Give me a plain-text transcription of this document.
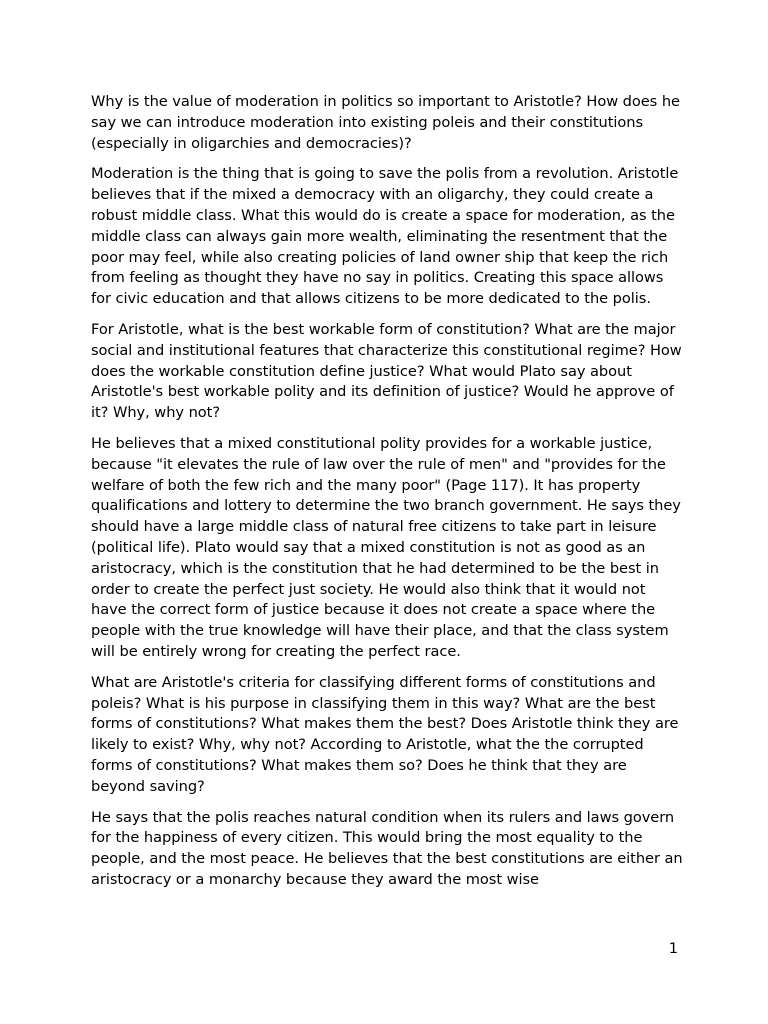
Why is the value of moderation in politics so important to Aristotle? How does he say we can introduce moderation into existing poleis and their constitutions (especially in oligarchies and democracies)?

Moderation is the thing that is going to save the polis from a revolution. Aristotle believes that if the mixed a democracy with an oligarchy, they could create a robust middle class. What this would do is create a space for moderation, as the middle class can always gain more wealth, eliminating the resentment that the poor may feel, while also creating policies of land owner ship that keep the rich from feeling as thought they have no say in politics. Creating this space allows for civic education and that allows citizens to be more dedicated to the polis.

For Aristotle, what is the best workable form of constitution? What are the major social and institutional features that characterize this constitutional regime? How does the workable constitution define justice? What would Plato say about Aristotle's best workable polity and its definition of justice? Would he approve of it? Why, why not?

He believes that a mixed constitutional polity provides for a workable justice, because "it elevates the rule of law over the rule of men" and "provides for the welfare of both the few rich and the many poor" (Page 117). It has property qualifications and lottery to determine the two branch government. He says they should have a large middle class of natural free citizens to take part in leisure (political life). Plato would say that a mixed constitution is not as good as an aristocracy, which is the constitution that he had determined to be the best in order to create the perfect just society. He would also think that it would not have the correct form of justice because it does not create a space where the people with the true knowledge will have their place, and that the class system will be entirely wrong for creating the perfect race.

What are Aristotle's criteria for classifying different forms of constitutions and poleis? What is his purpose in classifying them in this way? What are the best forms of constitutions? What makes them the best? Does Aristotle think they are likely to exist? Why, why not? According to Aristotle, what the the corrupted forms of constitutions? What makes them so? Does he think that they are beyond saving?

He says that the polis reaches natural condition when its rulers and laws govern for the happiness of every citizen. This would bring the most equality to the people, and the most peace. He believes that the best constitutions are either an aristocracy or a monarchy because they award the most wise

1
